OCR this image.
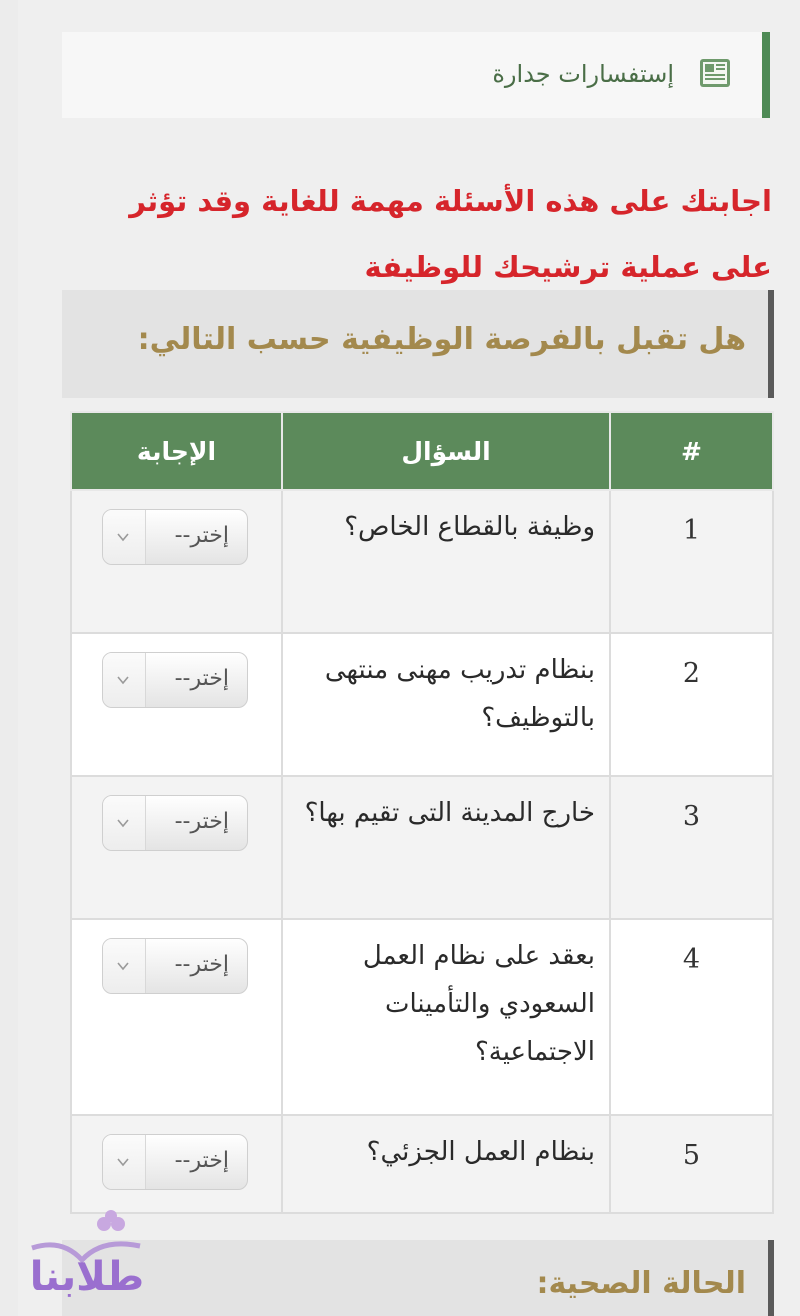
إستفسارات جدارة
اجابتك على هذه الأسئلة مهمة للغاية وقد تؤثر على عملية ترشيحك للوظيفة
هل تقبل بالفرصة الوظيفية حسب التالي:
#	السؤال	الإجابة
1	وظيفة بالقطاع الخاص؟	--إختر

2	بنظام تدريب مهنى منتهى بالتوظيف؟	--إختر

3	خارج المدينة التى تقيم بها؟	--إختر

4	بعقد على نظام العمل السعودي والتأمينات الاجتماعية؟	--إختر

5	بنظام العمل الجزئي؟	--إختر
الحالة الصحية:
طلابنا
